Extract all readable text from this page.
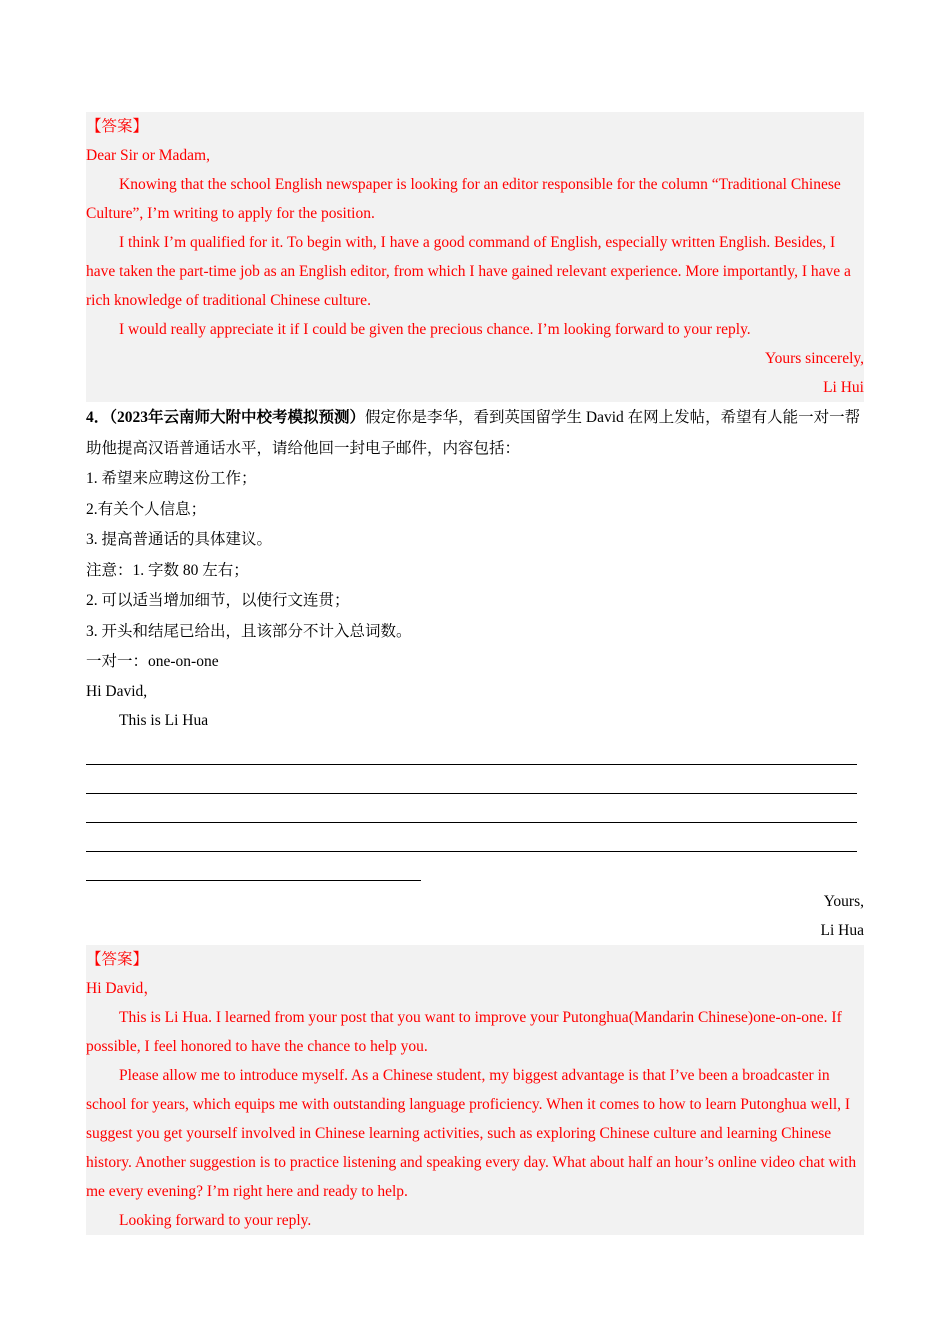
【答案】

Dear Sir or Madam,

Knowing that the school English newspaper is looking for an editor responsible for the column “Traditional Chinese Culture”, I’m writing to apply for the position.

I think I’m qualified for it. To begin with, I have a good command of English, especially written English. Besides, I have taken the part-time job as an English editor, from which I have gained relevant experience. More importantly, I have a rich knowledge of traditional Chinese culture.

I would really appreciate it if I could be given the precious chance. I’m looking forward to your reply.

Yours sincerely,

Li Hui

4．（2023年云南师大附中校考模拟预测）假定你是李华，看到英国留学生 David 在网上发帖，希望有人能一对一帮助他提高汉语普通话水平，请给他回一封电子邮件，内容包括：

1. 希望来应聘这份工作；

2.有关个人信息；

3. 提高普通话的具体建议。

注意：1. 字数 80 左右；

2. 可以适当增加细节，以使行文连贯；

3. 开头和结尾已给出，且该部分不计入总词数。

一对一：one-on-one

Hi David,

This is Li Hua

Yours,

Li Hua

【答案】

Hi David，

This is Li Hua. I learned from your post that you want to improve your Putonghua(Mandarin Chinese)one-on-one. If possible, I feel honored to have the chance to help you.

Please allow me to introduce myself. As a Chinese student, my biggest advantage is that I’ve been a broadcaster in school for years, which equips me with outstanding language proficiency. When it comes to how to learn Putonghua well, I suggest you get yourself involved in Chinese learning activities, such as exploring Chinese culture and learning Chinese history. Another suggestion is to practice listening and speaking every day. What about half an hour’s online video chat with me every evening? I’m right here and ready to help.

Looking forward to your reply.
